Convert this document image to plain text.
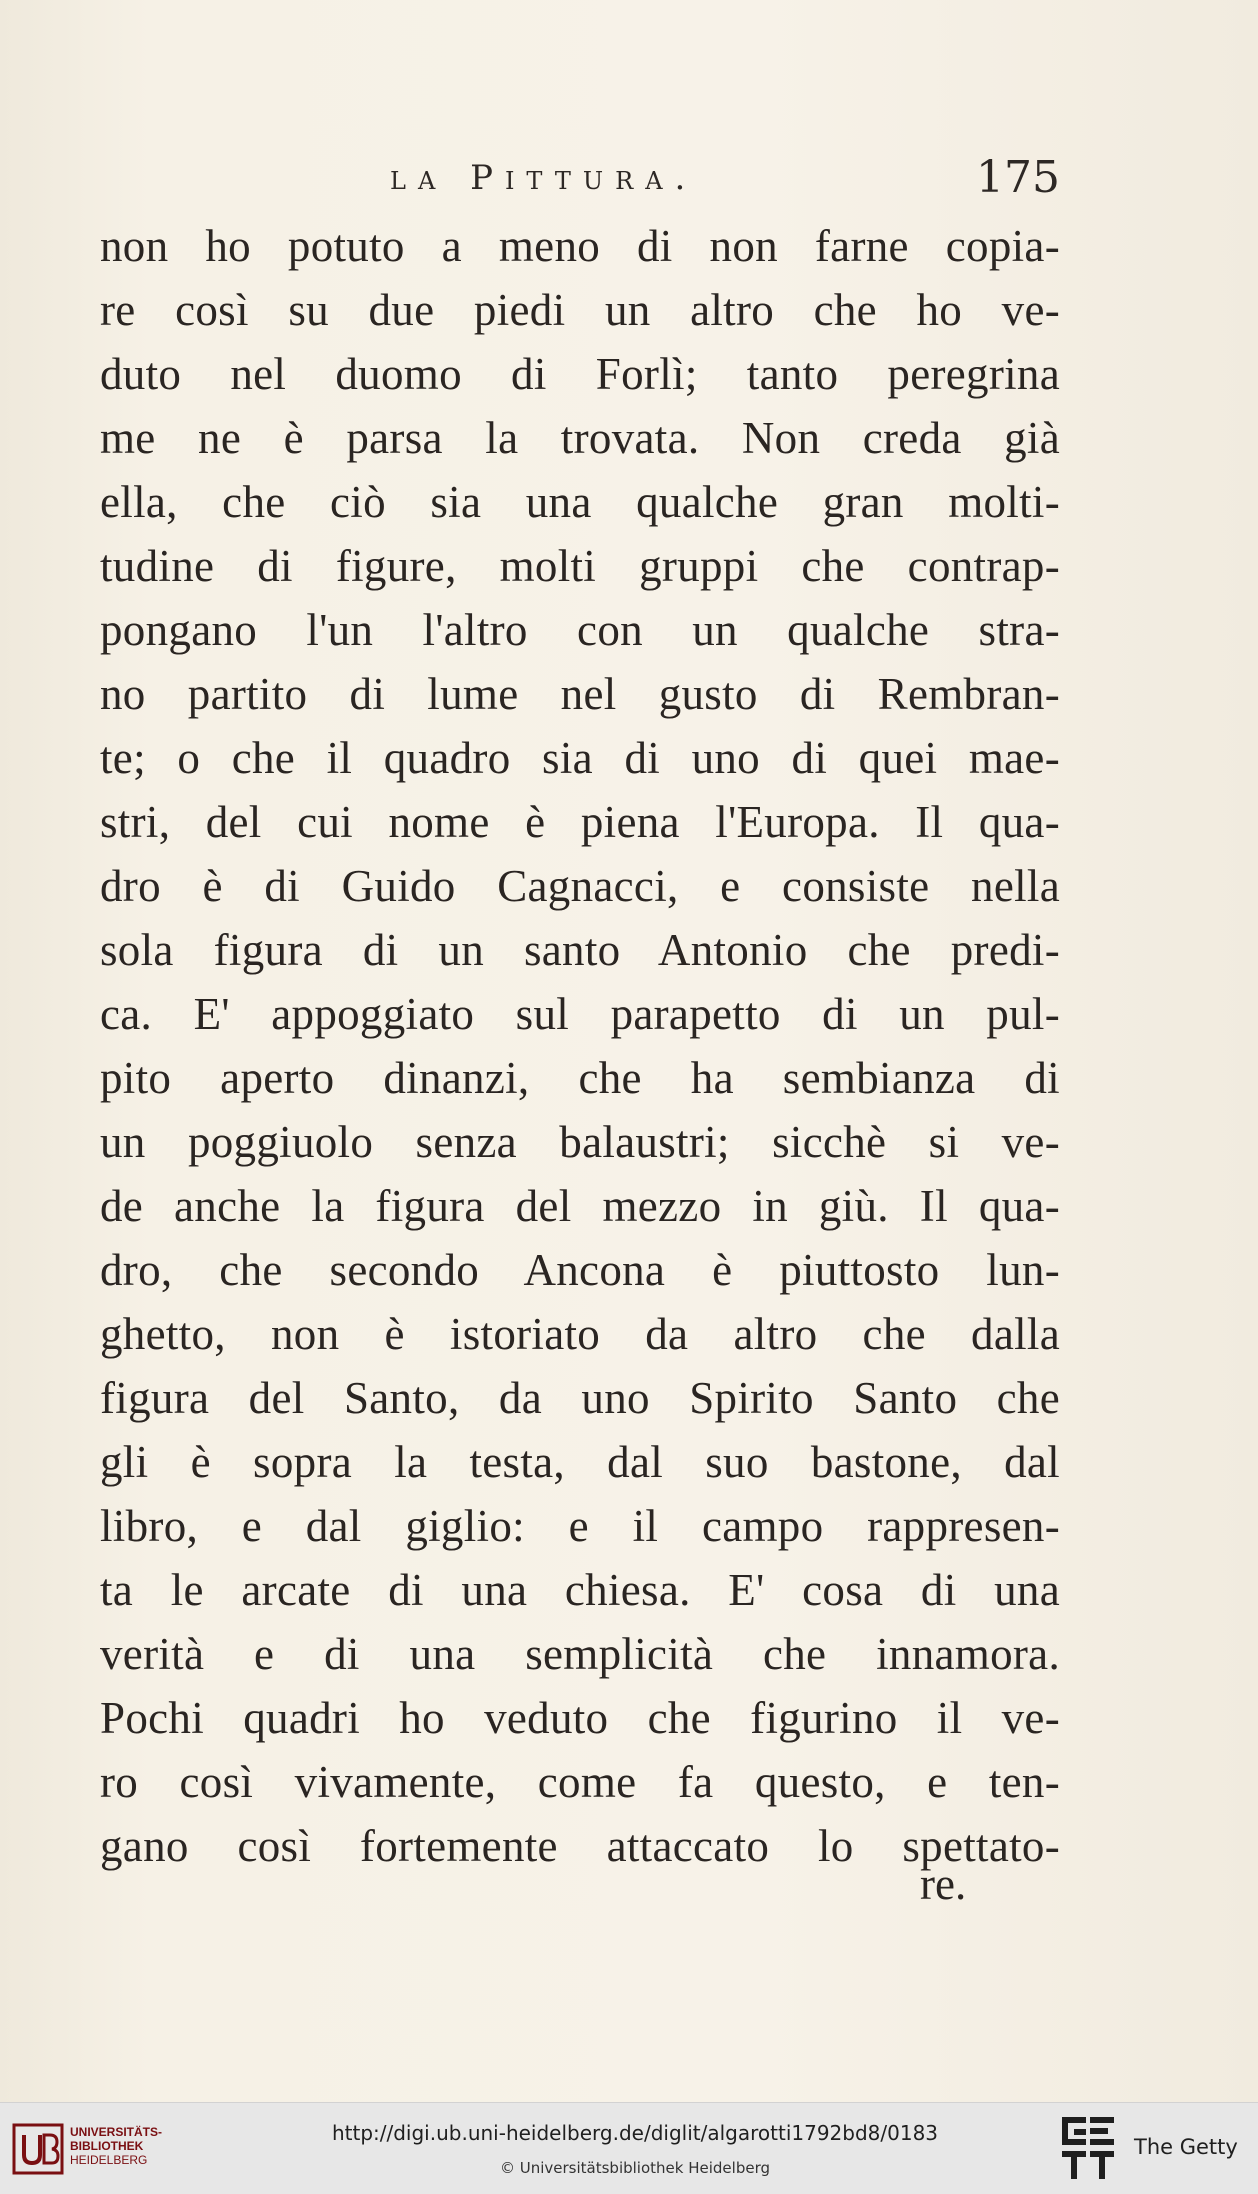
la Pittura.	175
non ho potuto a meno di non farne copia-
re così su due piedi un altro che ho ve-
duto nel duomo di Forlì; tanto peregrina
me ne è parsa la trovata. Non creda già
ella, che ciò sia una qualche gran molti-
tudine di figure, molti gruppi che contrap-
pongano l'un l'altro con un qualche stra-
no partito di lume nel gusto di Rembran-
te; o che il quadro sia di uno di quei mae-
stri, del cui nome è piena l'Europa. Il qua-
dro è di Guido Cagnacci, e consiste nella
sola figura di un santo Antonio che predi-
ca. E' appoggiato sul parapetto di un pul-
pito aperto dinanzi, che ha sembianza di
un poggiuolo senza balaustri; sicchè si ve-
de anche la figura del mezzo in giù. Il qua-
dro, che secondo Ancona è piuttosto lun-
ghetto, non è istoriato da altro che dalla
figura del Santo, da uno Spirito Santo che
gli è sopra la testa, dal suo bastone, dal
libro, e dal giglio: e il campo rappresen-
ta le arcate di una chiesa. E' cosa di una
verità e di una semplicità che innamora.
Pochi quadri ho veduto che figurino il ve-
ro così vivamente, come fa questo, e ten-
gano così fortemente attaccato lo spettato-
re.
UNIVERSITÄTS-
BIBLIOTHEK
HEIDELBERG
http://digi.ub.uni-heidelberg.de/diglit/algarotti1792bd8/0183
© Universitätsbibliothek Heidelberg
The Getty
